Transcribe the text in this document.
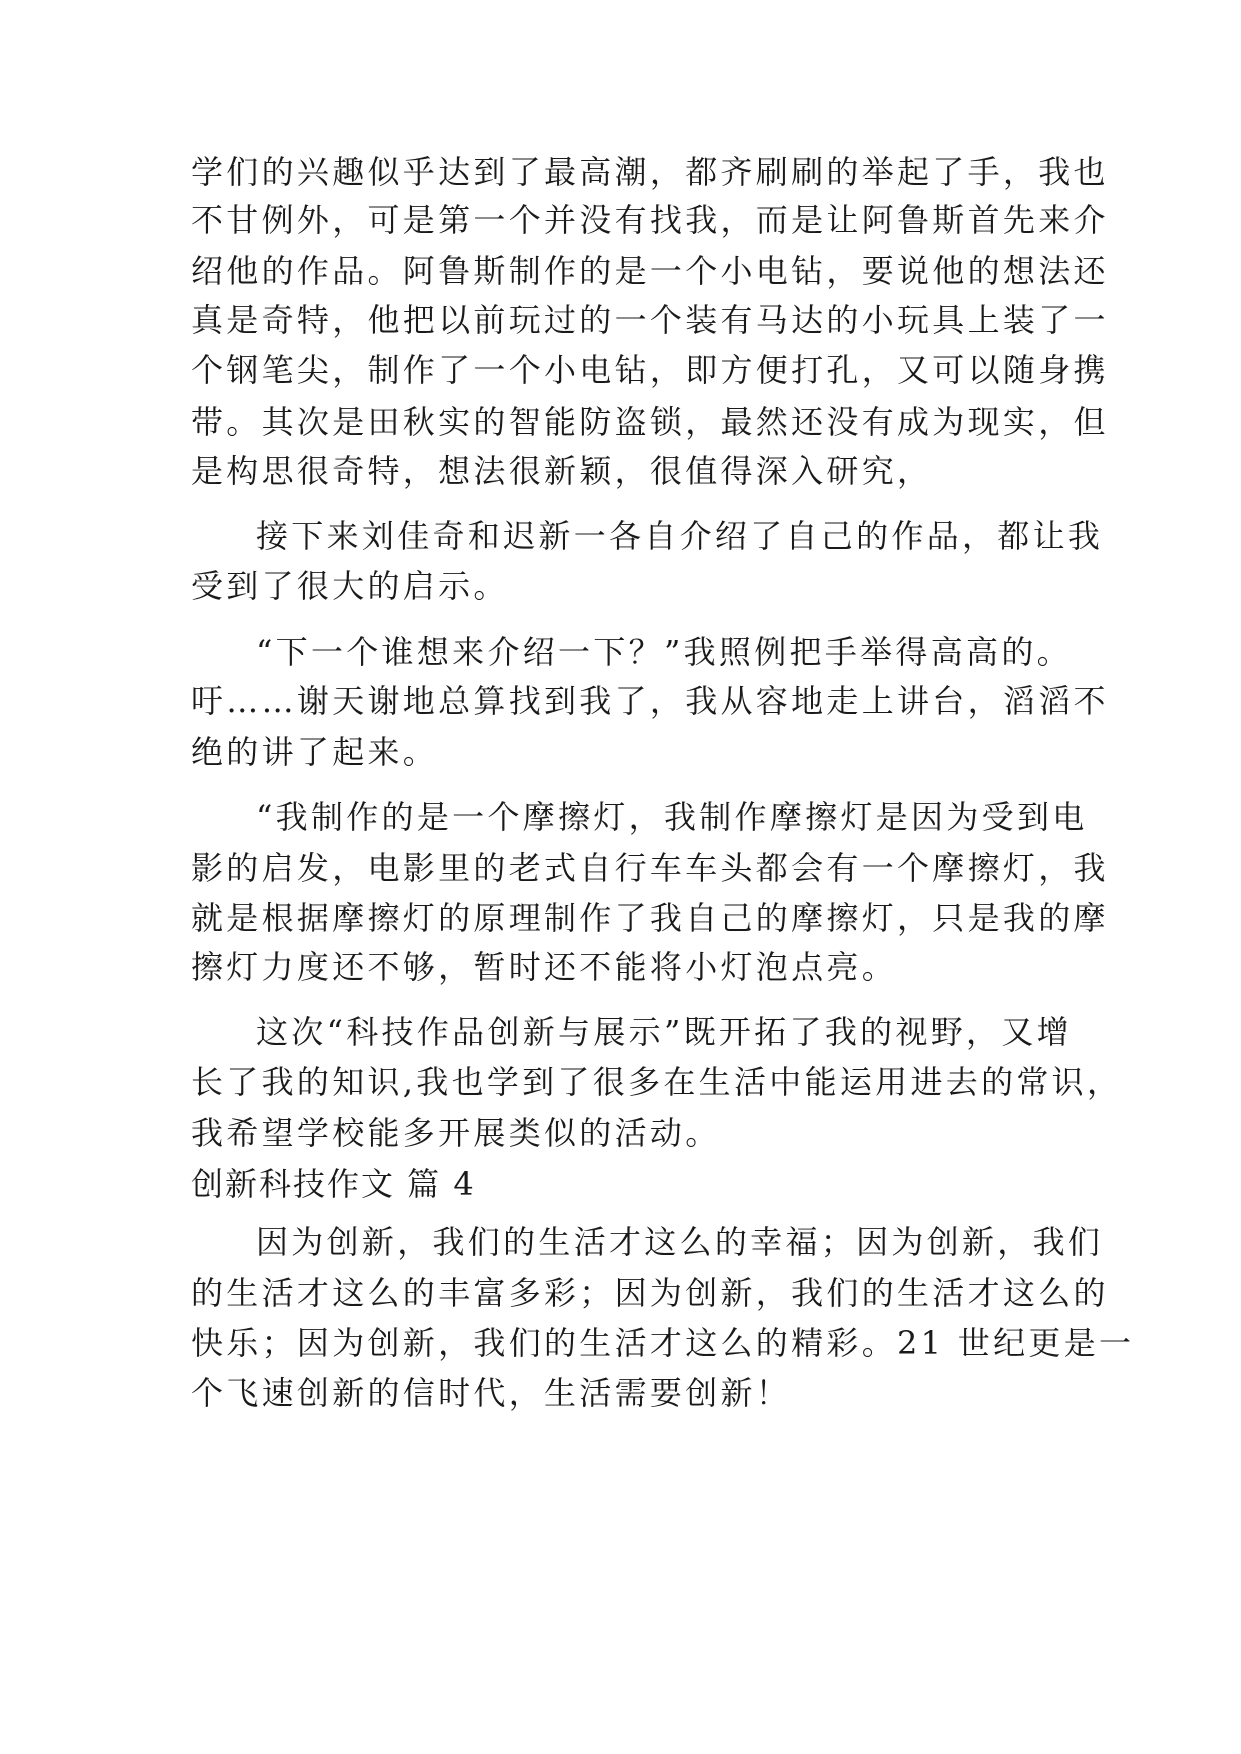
学们的兴趣似乎达到了最高潮，都齐刷刷的举起了手，我也
不甘例外，可是第一个并没有找我，而是让阿鲁斯首先来介
绍他的作品。阿鲁斯制作的是一个小电钻，要说他的想法还
真是奇特，他把以前玩过的一个装有马达的小玩具上装了一
个钢笔尖，制作了一个小电钻，即方便打孔，又可以随身携
带。其次是田秋实的智能防盗锁，最然还没有成为现实，但
是构思很奇特，想法很新颖，很值得深入研究，
接下来刘佳奇和迟新一各自介绍了自己的作品，都让我
受到了很大的启示。
“下一个谁想来介绍一下？”我照例把手举得高高的。
吁……谢天谢地总算找到我了，我从容地走上讲台，滔滔不
绝的讲了起来。
“我制作的是一个摩擦灯，我制作摩擦灯是因为受到电
影的启发，电影里的老式自行车车头都会有一个摩擦灯，我
就是根据摩擦灯的原理制作了我自己的摩擦灯，只是我的摩
擦灯力度还不够，暂时还不能将小灯泡点亮。
这次“科技作品创新与展示”既开拓了我的视野，又增
长了我的知识,我也学到了很多在生活中能运用进去的常识，
我希望学校能多开展类似的活动。
创新科技作文 篇 4
因为创新，我们的生活才这么的幸福；因为创新，我们
的生活才这么的丰富多彩；因为创新，我们的生活才这么的
快乐；因为创新，我们的生活才这么的精彩。21 世纪更是一
个飞速创新的信时代，生活需要创新！
